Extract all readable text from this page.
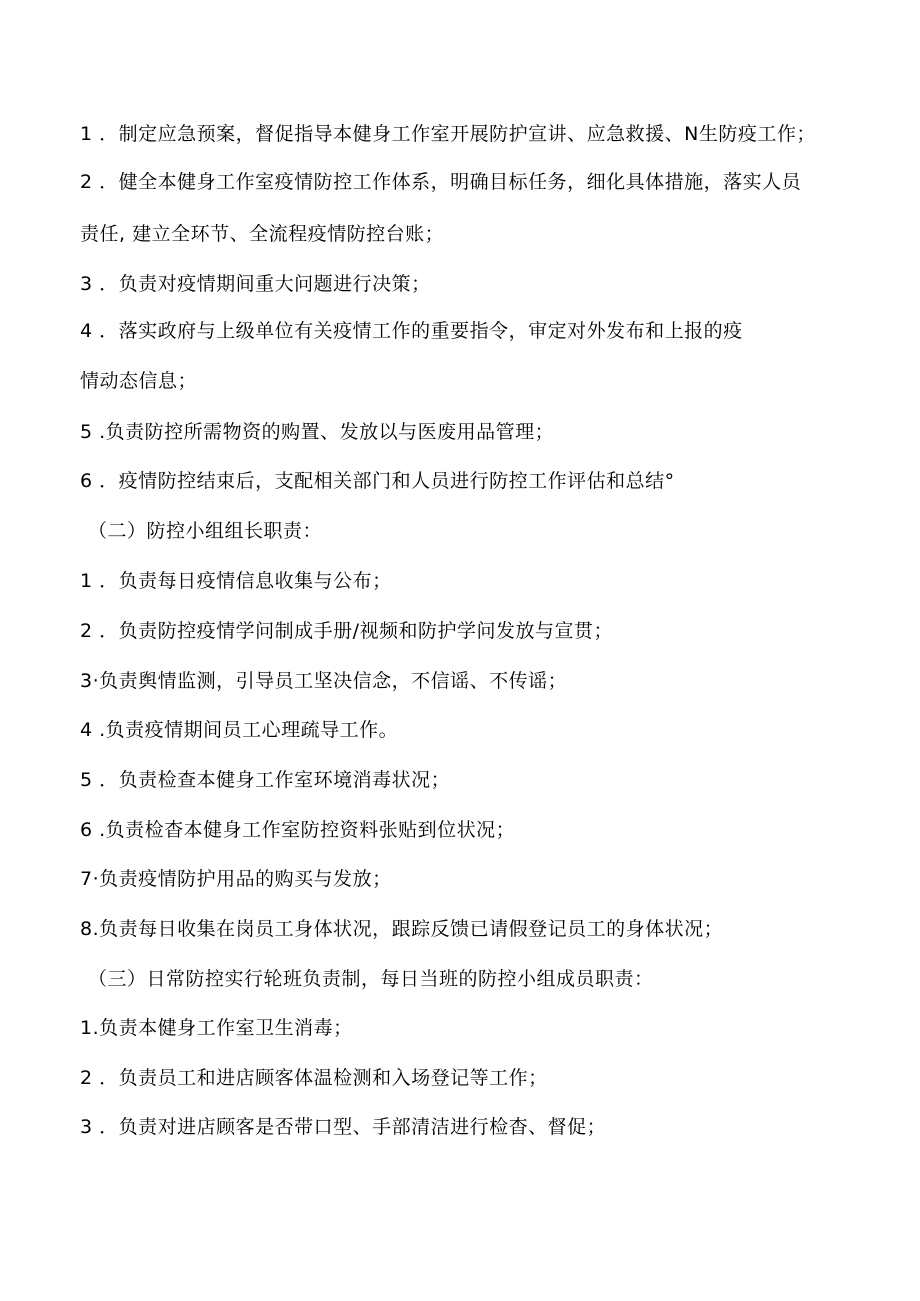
1 ．制定应急预案，督促指导本健身工作室开展防护宣讲、应急救援、N生防疫工作；
2 ．健全本健身工作室疫情防控工作体系，明确目标任务，细化具体措施，落实人员
责任, 建立全环节、全流程疫情防控台账；
3 ．负责对疫情期间重大问题进行决策；
4 ．落实政府与上级单位有关疫情工作的重要指令，审定对外发布和上报的疫
情动态信息；
5 .负责防控所需物资的购置、发放以与医废用品管理；
6 ．疫情防控结束后，支配相关部门和人员进行防控工作评估和总结°
（二）防控小组组长职责：
1 ．负责每日疫情信息收集与公布；
2 ．负责防控疫情学问制成手册/视频和防护学问发放与宣贯；
3·负责舆情监测，引导员工坚决信念，不信谣、不传谣；
4 .负责疫情期间员工心理疏导工作。
5 ．负责检查本健身工作室环境消毒状况；
6 .负责检杳本健身工作室防控资料张贴到位状况；
7·负责疫情防护用品的购买与发放；
8.负责每日收集在岗员工身体状况，跟踪反馈已请假登记员工的身体状况；
（三）日常防控实行轮班负责制，每日当班的防控小组成员职责：
1.负责本健身工作室卫生消毒；
2 ．负责员工和进店顾客体温检测和入场登记等工作；
3 ．负责对进店顾客是否带口型、手部清洁进行检杳、督促；
